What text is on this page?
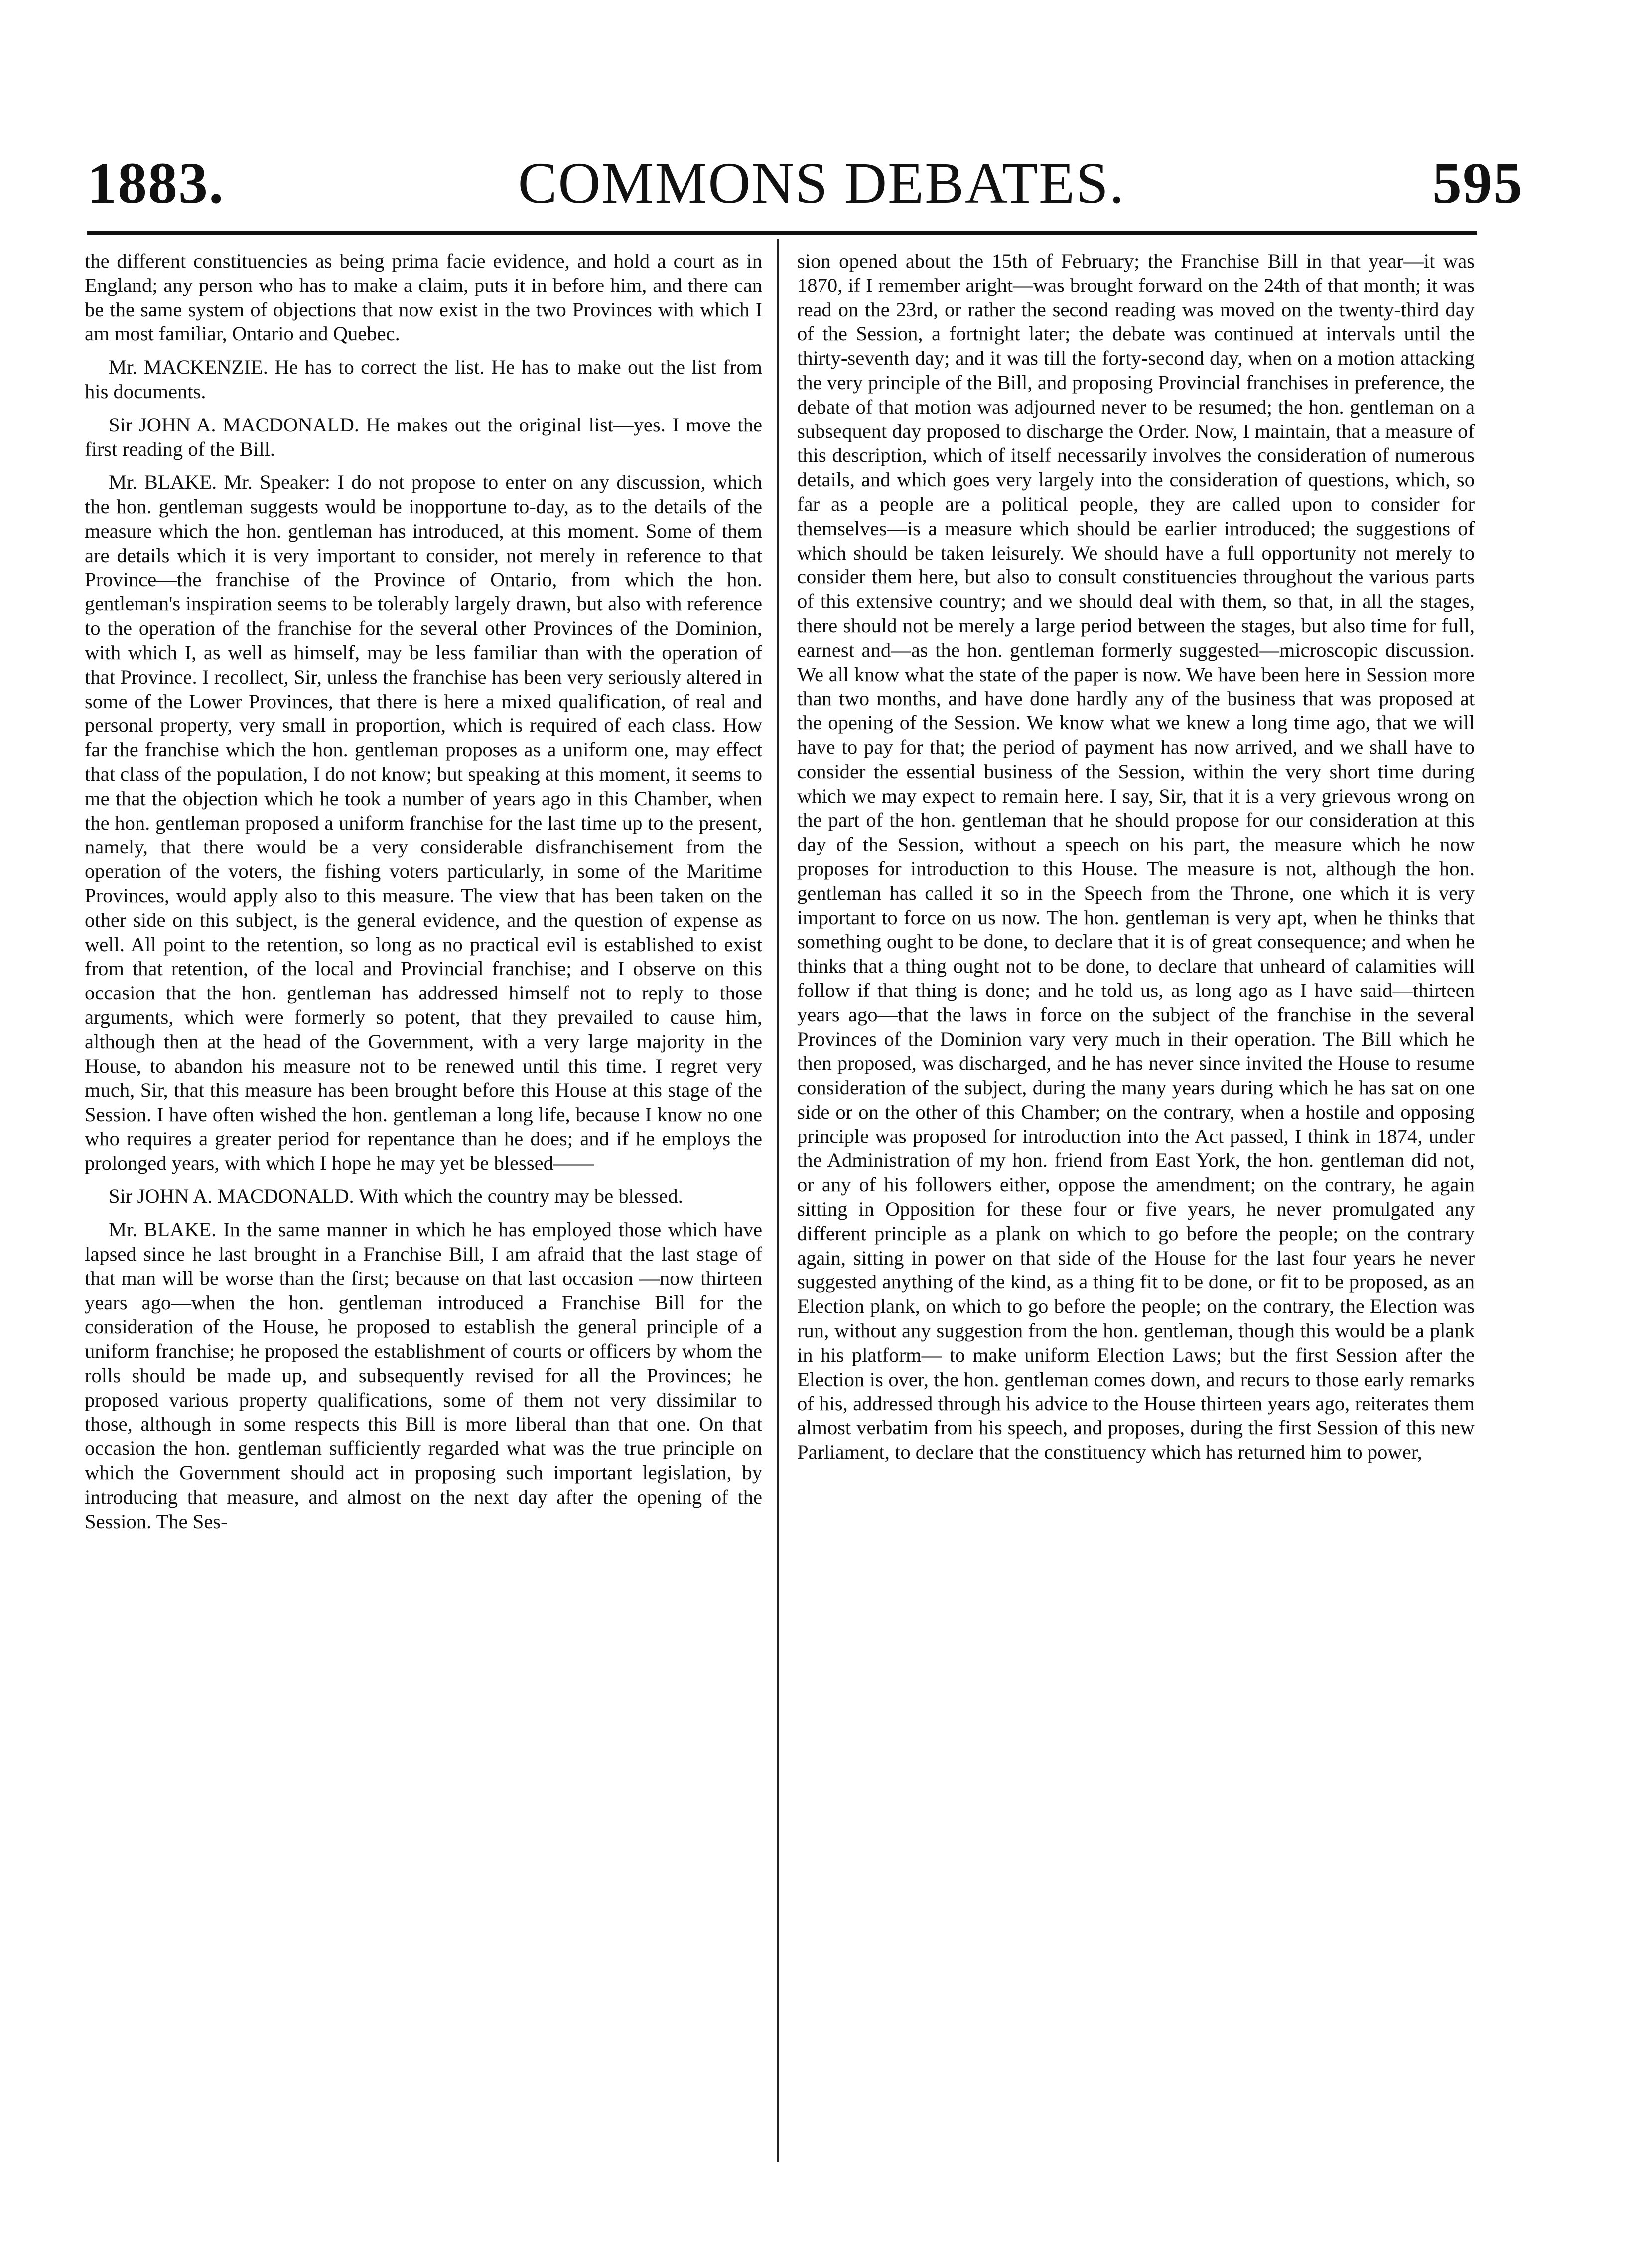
1883.	COMMONS DEBATES.	595

the different constituencies as being prima facie evidence, and hold a court as in England; any person who has to make a claim, puts it in before him, and there can be the same system of objections that now exist in the two Provinces with which I am most familiar, Ontario and Quebec.

Mr. MACKENZIE. He has to correct the list. He has to make out the list from his documents.

Sir JOHN A. MACDONALD. He makes out the original list—yes. I move the first reading of the Bill.

Mr. BLAKE. Mr. Speaker: I do not propose to enter on any discussion, which the hon. gentleman suggests would be inopportune to-day, as to the details of the measure which the hon. gentleman has introduced, at this moment. Some of them are details which it is very important to consider, not merely in reference to that Province—the franchise of the Province of Ontario, from which the hon. gentleman's inspiration seems to be tolerably largely drawn, but also with reference to the operation of the franchise for the several other Provinces of the Dominion, with which I, as well as himself, may be less familiar than with the operation of that Province. I recollect, Sir, unless the franchise has been very seriously altered in some of the Lower Provinces, that there is here a mixed qualification, of real and personal property, very small in proportion, which is required of each class. How far the franchise which the hon. gentleman proposes as a uniform one, may effect that class of the population, I do not know; but speaking at this moment, it seems to me that the objection which he took a number of years ago in this Chamber, when the hon. gentleman proposed a uniform franchise for the last time up to the present, namely, that there would be a very considerable disfranchisement from the operation of the voters, the fishing voters particularly, in some of the Maritime Provinces, would apply also to this measure. The view that has been taken on the other side on this subject, is the general evidence, and the question of expense as well. All point to the retention, so long as no practical evil is established to exist from that retention, of the local and Provincial franchise; and I observe on this occasion that the hon. gentleman has addressed himself not to reply to those arguments, which were formerly so potent, that they prevailed to cause him, although then at the head of the Government, with a very large majority in the House, to abandon his measure not to be renewed until this time. I regret very much, Sir, that this measure has been brought before this House at this stage of the Session. I have often wished the hon. gentleman a long life, because I know no one who requires a greater period for repentance than he does; and if he employs the prolonged years, with which I hope he may yet be blessed——

Sir JOHN A. MACDONALD. With which the country may be blessed.

Mr. BLAKE. In the same manner in which he has employed those which have lapsed since he last brought in a Franchise Bill, I am afraid that the last stage of that man will be worse than the first; because on that last occasion —now thirteen years ago—when the hon. gentleman introduced a Franchise Bill for the consideration of the House, he proposed to establish the general principle of a uniform franchise; he proposed the establishment of courts or officers by whom the rolls should be made up, and subsequently revised for all the Provinces; he proposed various property qualifications, some of them not very dissimilar to those, although in some respects this Bill is more liberal than that one. On that occasion the hon. gentleman sufficiently regarded what was the true principle on which the Government should act in proposing such important legislation, by introducing that measure, and almost on the next day after the opening of the Session. The Ses-

sion opened about the 15th of February; the Franchise Bill in that year—it was 1870, if I remember aright—was brought forward on the 24th of that month; it was read on the 23rd, or rather the second reading was moved on the twenty-third day of the Session, a fortnight later; the debate was continued at intervals until the thirty-seventh day; and it was till the forty-second day, when on a motion attacking the very principle of the Bill, and proposing Provincial franchises in preference, the debate of that motion was adjourned never to be resumed; the hon. gentleman on a subsequent day proposed to discharge the Order. Now, I maintain, that a measure of this description, which of itself necessarily involves the consideration of numerous details, and which goes very largely into the consideration of questions, which, so far as a people are a political people, they are called upon to consider for themselves—is a measure which should be earlier introduced; the suggestions of which should be taken leisurely. We should have a full opportunity not merely to consider them here, but also to consult constituencies throughout the various parts of this extensive country; and we should deal with them, so that, in all the stages, there should not be merely a large period between the stages, but also time for full, earnest and—as the hon. gentleman formerly suggested—microscopic discussion. We all know what the state of the paper is now. We have been here in Session more than two months, and have done hardly any of the business that was proposed at the opening of the Session. We know what we knew a long time ago, that we will have to pay for that; the period of payment has now arrived, and we shall have to consider the essential business of the Session, within the very short time during which we may expect to remain here. I say, Sir, that it is a very grievous wrong on the part of the hon. gentleman that he should propose for our consideration at this day of the Session, without a speech on his part, the measure which he now proposes for introduction to this House. The measure is not, although the hon. gentleman has called it so in the Speech from the Throne, one which it is very important to force on us now. The hon. gentleman is very apt, when he thinks that something ought to be done, to declare that it is of great consequence; and when he thinks that a thing ought not to be done, to declare that unheard of calamities will follow if that thing is done; and he told us, as long ago as I have said—thirteen years ago—that the laws in force on the subject of the franchise in the several Provinces of the Dominion vary very much in their operation. The Bill which he then proposed, was discharged, and he has never since invited the House to resume consideration of the subject, during the many years during which he has sat on one side or on the other of this Chamber; on the contrary, when a hostile and opposing principle was proposed for introduction into the Act passed, I think in 1874, under the Administration of my hon. friend from East York, the hon. gentleman did not, or any of his followers either, oppose the amendment; on the contrary, he again sitting in Opposition for these four or five years, he never promulgated any different principle as a plank on which to go before the people; on the contrary again, sitting in power on that side of the House for the last four years he never suggested anything of the kind, as a thing fit to be done, or fit to be proposed, as an Election plank, on which to go before the people; on the contrary, the Election was run, without any suggestion from the hon. gentleman, though this would be a plank in his platform— to make uniform Election Laws; but the first Session after the Election is over, the hon. gentleman comes down, and recurs to those early remarks of his, addressed through his advice to the House thirteen years ago, reiterates them almost verbatim from his speech, and proposes, during the first Session of this new Parliament, to declare that the constituency which has returned him to power,
